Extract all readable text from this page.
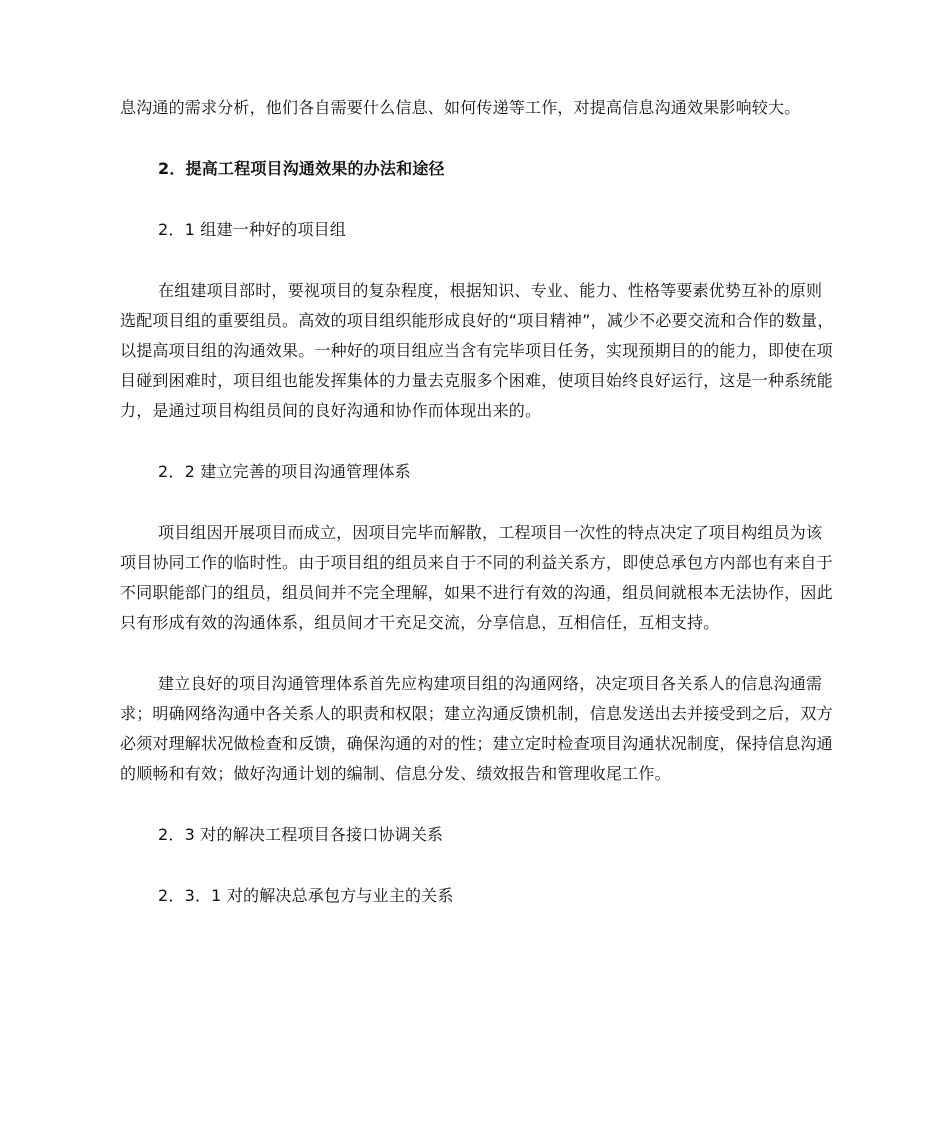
息沟通的需求分析，他们各自需要什么信息、如何传递等工作，对提高信息沟通效果影响较大。

2．提高工程项目沟通效果的办法和途径

2．1 组建一种好的项目组

在组建项目部时，要视项目的复杂程度，根据知识、专业、能力、性格等要素优势互补的原则选配项目组的重要组员。高效的项目组织能形成良好的“项目精神”，减少不必要交流和合作的数量，以提高项目组的沟通效果。一种好的项目组应当含有完毕项目任务，实现预期目的的能力，即使在项目碰到困难时，项目组也能发挥集体的力量去克服多个困难，使项目始终良好运行，这是一种系统能力，是通过项目构组员间的良好沟通和协作而体现出来的。

2．2 建立完善的项目沟通管理体系

项目组因开展项目而成立，因项目完毕而解散，工程项目一次性的特点决定了项目构组员为该项目协同工作的临时性。由于项目组的组员来自于不同的利益关系方，即使总承包方内部也有来自于不同职能部门的组员，组员间并不完全理解，如果不进行有效的沟通，组员间就根本无法协作，因此只有形成有效的沟通体系，组员间才干充足交流，分享信息，互相信任，互相支持。

建立良好的项目沟通管理体系首先应构建项目组的沟通网络，决定项目各关系人的信息沟通需求；明确网络沟通中各关系人的职责和权限；建立沟通反馈机制，信息发送出去并接受到之后，双方必须对理解状况做检查和反馈，确保沟通的对的性；建立定时检查项目沟通状况制度，保持信息沟通的顺畅和有效；做好沟通计划的编制、信息分发、绩效报告和管理收尾工作。

2．3 对的解决工程项目各接口协调关系

2．3．1 对的解决总承包方与业主的关系
